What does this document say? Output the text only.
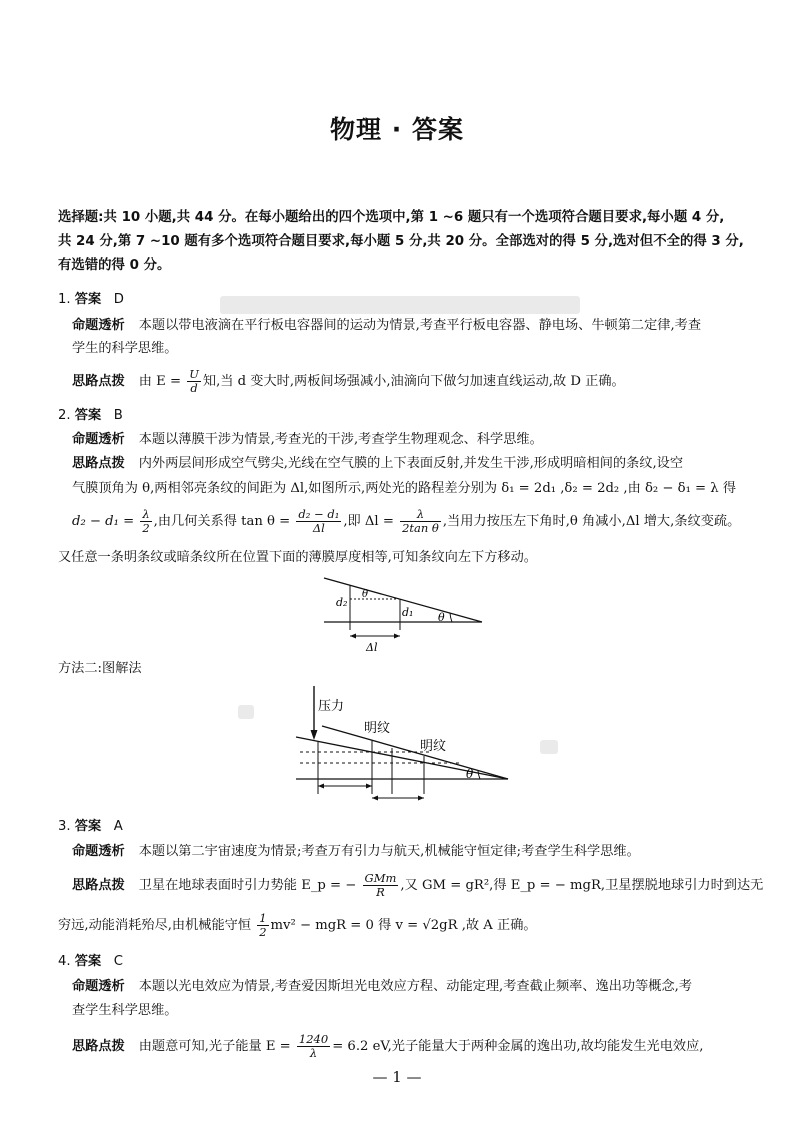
物理 · 答案
选择题:共 10 小题,共 44 分。在每小题给出的四个选项中,第 1 ~6 题只有一个选项符合题目要求,每小题 4 分,
共 24 分,第 7 ~10 题有多个选项符合题目要求,每小题 5 分,共 20 分。全部选对的得 5 分,选对但不全的得 3 分,
有选错的得 0 分。
1. 答案 D
命题透析 本题以带电液滴在平行板电容器间的运动为情景,考查平行板电容器、静电场、牛顿第二定律,考查
学生的科学思维。
思路点拨 由 $E = \frac{U}{d}$ 知,当 d 变大时,两板间场强减小,油滴向下做匀加速直线运动,故 D 正确。
2. 答案 B
命题透析 本题以薄膜干涉为情景,考查光的干涉,考查学生物理观念、科学思维。
思路点拨 内外两层间形成空气劈尖,光线在空气膜的上下表面反射,并发生干涉,形成明暗相间的条纹,设空
气膜顶角为 θ,两相邻亮条纹的间距为 Δl,如图所示,两处光的路程差分别为 δ₁ = 2d₁ ,δ₂ = 2d₂ ,由 δ₂ − δ₁ = λ 得
$d_2 - d_1 = \frac{\lambda}{2}$ ,由几何关系得 $\tan \theta = \frac{\text{d₂ − d₁}}{\Delta l}$ ,即 $\Delta l = \frac{\lambda}{\text{2tan θ}}$ ,当用力按压左下角时,θ 角减小,Δl 增大,条纹变疏。
又任意一条明条纹或暗条纹所在位置下面的薄膜厚度相等,可知条纹向左下方移动。
d₂
d₁
θ
θ
Δl
方法二:图解法
压力
明纹
明纹
θ
3. 答案 A
命题透析 本题以第二宇宙速度为情景;考查万有引力与航天,机械能守恒定律;考查学生科学思维。
思路点拨 卫星在地球表面时引力势能 E_p = − $\frac{\text{GMm}}{R}$ ,又 GM = gR²,得 E_p = − mgR,卫星摆脱地球引力时到达无
穷远,动能消耗殆尽,由机械能守恒 $\frac{1}{2} mv^2$ − mgR = 0 得 v = √2gR ,故 A 正确。
4. 答案 C
命题透析 本题以光电效应为情景,考查爱因斯坦光电效应方程、动能定理,考查截止频率、逸出功等概念,考
查学生科学思维。
思路点拨 由题意可知,光子能量 $E = \frac{1240}{\lambda} = 6.2$ eV,光子能量大于两种金属的逸出功,故均能发生光电效应,
— 1 —
